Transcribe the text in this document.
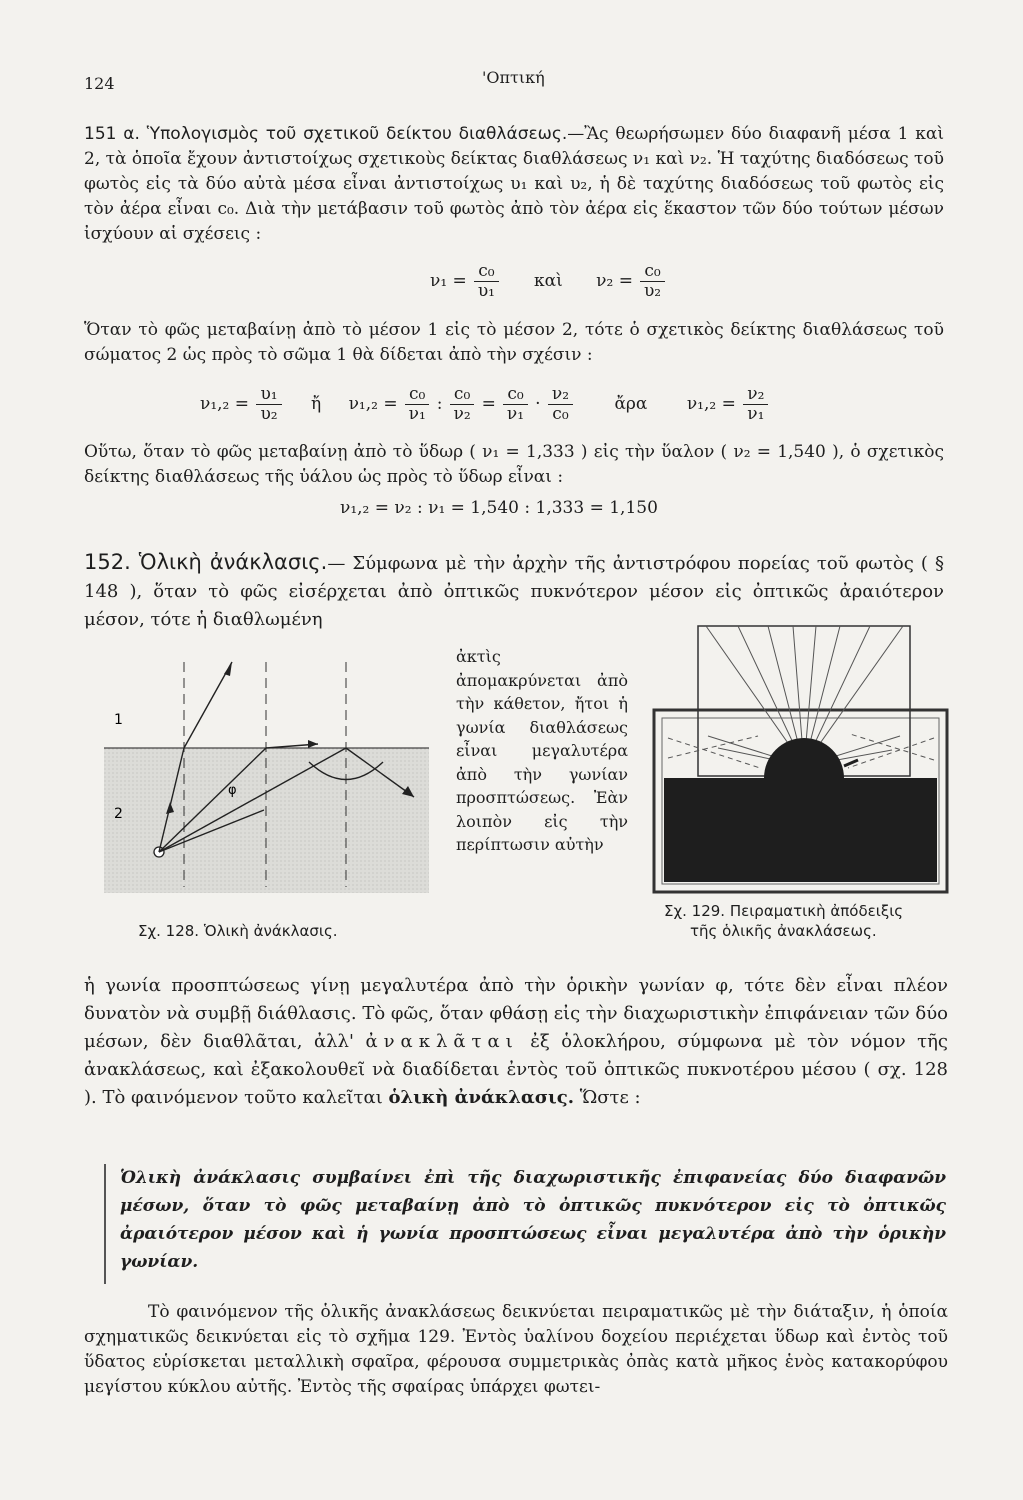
124	'Οπτική

151 α. Ὑπολογισμὸς τοῦ σχετικοῦ δείκτου διαθλάσεως.—Ἂς θεωρήσωμεν δύο διαφανῆ μέσα 1 καὶ 2, τὰ ὁποῖα ἔχουν ἀντιστοίχως σχετικοὺς δείκτας διαθλάσεως ν₁ καὶ ν₂. Ἡ ταχύτης διαδόσεως τοῦ φωτὸς εἰς τὰ δύο αὐτὰ μέσα εἶναι ἀντιστοίχως υ₁ καὶ υ₂, ἡ δὲ ταχύτης διαδόσεως τοῦ φωτὸς εἰς τὸν ἀέρα εἶναι c₀. Διὰ τὴν μετάβασιν τοῦ φωτὸς ἀπὸ τὸν ἀέρα εἰς ἕκαστον τῶν δύο τούτων μέσων ἰσχύουν αἱ σχέσεις :

$\nu_1 = \frac{\text{c₀}}{\text{υ₁}}$ καὶ $\nu_2 = \frac{\text{c₀}}{\text{υ₂}}$

Ὅταν τὸ φῶς μεταβαίνῃ ἀπὸ τὸ μέσον 1 εἰς τὸ μέσον 2, τότε ὁ σχετικὸς δείκτης διαθλάσεως τοῦ σώματος 2 ὡς πρὸς τὸ σῶμα 1 θὰ δίδεται ἀπὸ τὴν σχέσιν :

$\nu_1,_2 = \frac{\text{υ₁}}{\text{υ₂}}$ ἤ $\nu_1,_2 = \frac{\text{c₀}}{\text{ν₁}}$ : $\frac{\text{c₀}}{\text{ν₂}} = \frac{\text{c₀}}{\text{ν₁}} \cdot \frac{\text{ν₂}}{\text{c₀}}$ ἄρα $\nu_1,_2 = \frac{\text{ν₂}}{\text{ν₁}}$

Οὕτω, ὅταν τὸ φῶς μεταβαίνῃ ἀπὸ τὸ ὕδωρ ( ν₁ = 1,333 ) εἰς τὴν ὕαλον ( ν₂ = 1,540 ), ὁ σχετικὸς δείκτης διαθλάσεως τῆς ὑάλου ὡς πρὸς τὸ ὕδωρ εἶναι :

ν₁,₂ = ν₂ : ν₁ = 1,540 : 1,333 = 1,150

152. Ὁλικὴ ἀνάκλασις.— Σύμφωνα μὲ τὴν ἀρχὴν τῆς ἀντιστρόφου πορείας τοῦ φωτὸς ( § 148 ), ὅταν τὸ φῶς εἰσέρχεται ἀπὸ ὀπτικῶς πυκνότερον μέσον εἰς ὀπτικῶς ἀραιότερον μέσον, τότε ἡ διαθλωμένη

1
2
φ
Σχ. 128. Ὁλικὴ ἀνάκλασις.

ἀκτὶς ἀπομακρύνεται ἀπὸ τὴν κάθετον, ἤτοι ἡ γωνία διαθλάσεως εἶναι μεγαλυτέρα ἀπὸ τὴν γωνίαν προσπτώσεως. Ἐὰν λοιπὸν εἰς τὴν περίπτωσιν αὐτὴν

Σχ. 129. Πειραματικὴ ἀπόδειξις
τῆς ὁλικῆς ἀνακλάσεως.

ἡ γωνία προσπτώσεως γίνῃ μεγαλυτέρα ἀπὸ τὴν ὁρικὴν γωνίαν φ, τότε δὲν εἶναι πλέον δυνατὸν νὰ συμβῇ διάθλασις. Τὸ φῶς, ὅταν φθάσῃ εἰς τὴν διαχωριστικὴν ἐπιφάνειαν τῶν δύο μέσων, δὲν διαθλᾶται, ἀλλ' ἀνακλᾶται ἐξ ὁλοκλήρου, σύμφωνα μὲ τὸν νόμον τῆς ἀνακλάσεως, καὶ ἐξακολουθεῖ νὰ διαδίδεται ἐντὸς τοῦ ὀπτικῶς πυκνοτέρου μέσου ( σχ. 128 ). Τὸ φαινόμενον τοῦτο καλεῖται ὁλικὴ ἀνάκλασις. Ὥστε :

Ὁλικὴ ἀνάκλασις συμβαίνει ἐπὶ τῆς διαχωριστικῆς ἐπιφανείας δύο διαφανῶν μέσων, ὅταν τὸ φῶς μεταβαίνῃ ἀπὸ τὸ ὀπτικῶς πυκνότερον εἰς τὸ ὀπτικῶς ἀραιότερον μέσον καὶ ἡ γωνία προσπτώσεως εἶναι μεγαλυτέρα ἀπὸ τὴν ὁρικὴν γωνίαν.

Τὸ φαινόμενον τῆς ὁλικῆς ἀνακλάσεως δεικνύεται πειραματικῶς μὲ τὴν διάταξιν, ἡ ὁποία σχηματικῶς δεικνύεται εἰς τὸ σχῆμα 129. Ἐντὸς ὑαλίνου δοχείου περιέχεται ὕδωρ καὶ ἐντὸς τοῦ ὕδατος εὑρίσκεται μεταλλικὴ σφαῖρα, φέρουσα συμμετρικὰς ὀπὰς κατὰ μῆκος ἑνὸς κατακορύφου μεγίστου κύκλου αὐτῆς. Ἐντὸς τῆς σφαίρας ὑπάρχει φωτει-
